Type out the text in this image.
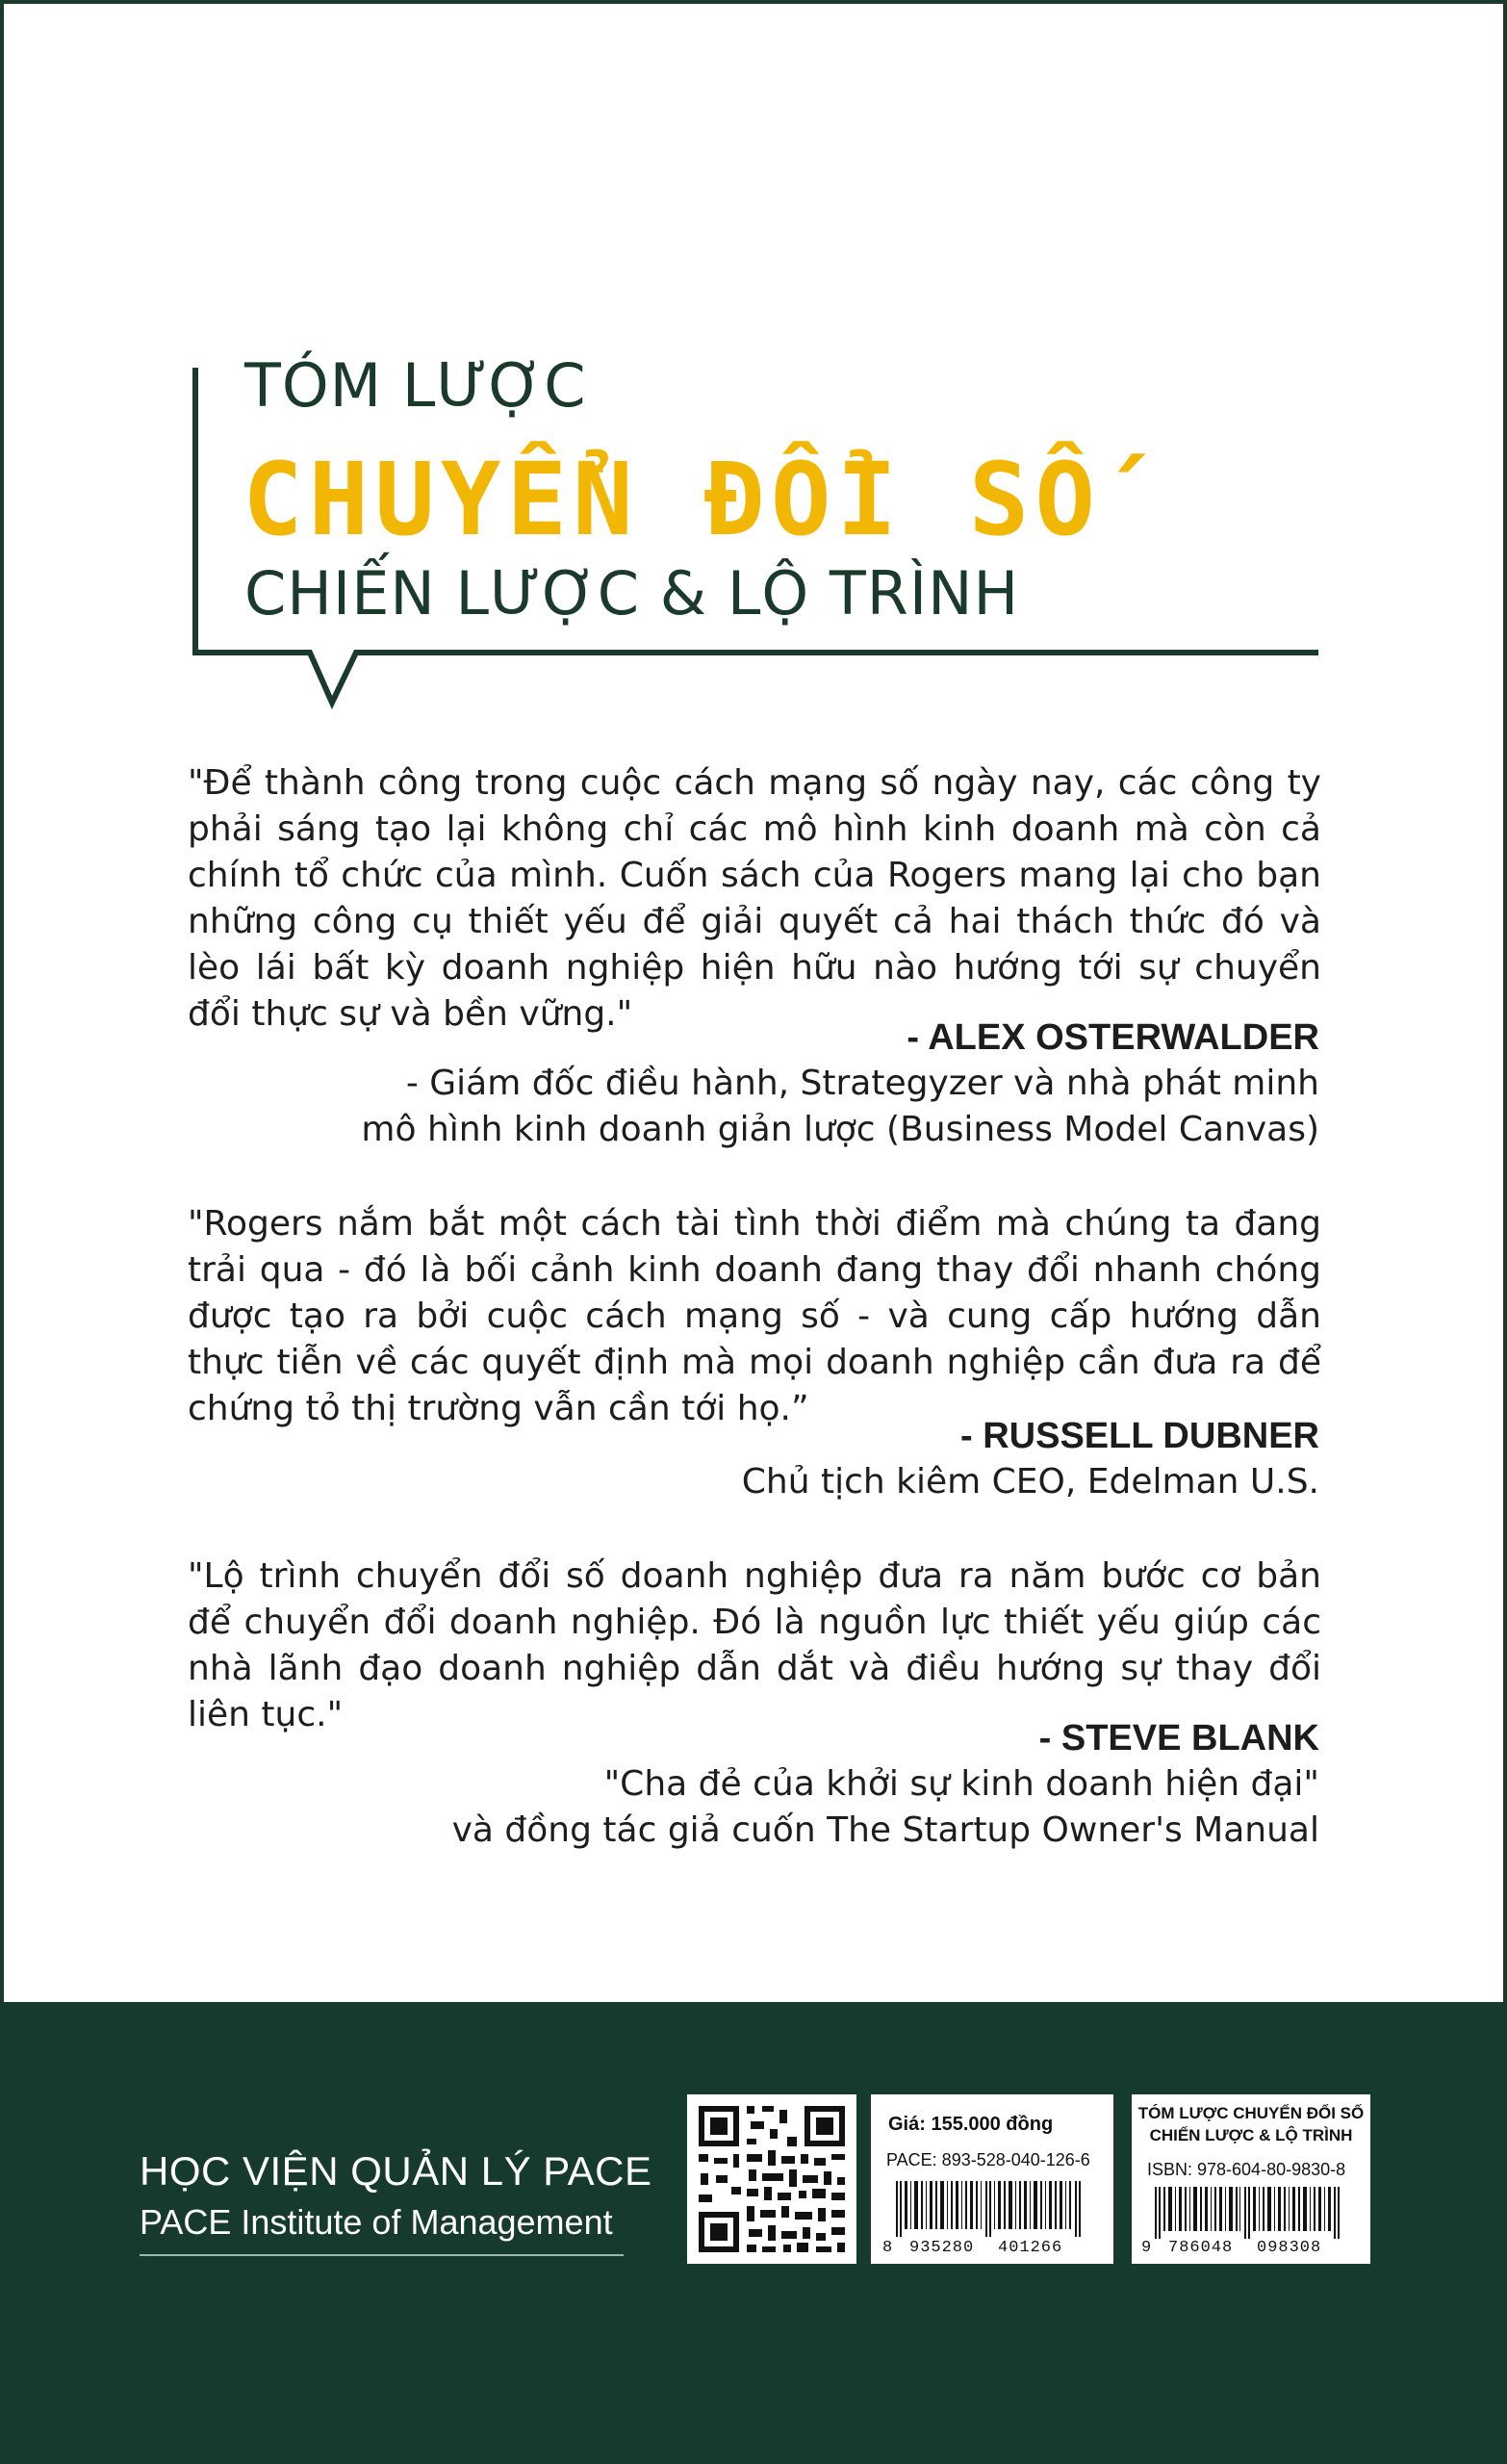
TÓM LƯỢC
CHUYỂN ĐỔI SỐ
CHIẾN LƯỢC & LỘ TRÌNH
"Để thành công trong cuộc cách mạng số ngày nay, các công ty phải sáng tạo lại không chỉ các mô hình kinh doanh mà còn cả chính tổ chức của mình. Cuốn sách của Rogers mang lại cho bạn những công cụ thiết yếu để giải quyết cả hai thách thức đó và lèo lái bất kỳ doanh nghiệp hiện hữu nào hướng tới sự chuyển đổi thực sự và bền vững."
- ALEX OSTERWALDER
- Giám đốc điều hành, Strategyzer và nhà phát minh
mô hình kinh doanh giản lược (Business Model Canvas)
"Rogers nắm bắt một cách tài tình thời điểm mà chúng ta đang trải qua - đó là bối cảnh kinh doanh đang thay đổi nhanh chóng được tạo ra bởi cuộc cách mạng số - và cung cấp hướng dẫn thực tiễn về các quyết định mà mọi doanh nghiệp cần đưa ra để chứng tỏ thị trường vẫn cần tới họ.”
- RUSSELL DUBNER
Chủ tịch kiêm CEO, Edelman U.S.
"Lộ trình chuyển đổi số doanh nghiệp đưa ra năm bước cơ bản để chuyển đổi doanh nghiệp. Đó là nguồn lực thiết yếu giúp các nhà lãnh đạo doanh nghiệp dẫn dắt và điều hướng sự thay đổi liên tục."
- STEVE BLANK
"Cha đẻ của khởi sự kinh doanh hiện đại"
và đồng tác giả cuốn The Startup Owner's Manual
HỌC VIỆN QUẢN LÝ PACE
PACE Institute of Management
Giá: 155.000 đồng
PACE: 893-528-040-126-6
8 935280 401266
TÓM LƯỢC CHUYỂN ĐỔI SỐ
CHIẾN LƯỢC & LỘ TRÌNH
ISBN: 978-604-80-9830-8
9 786048 098308
